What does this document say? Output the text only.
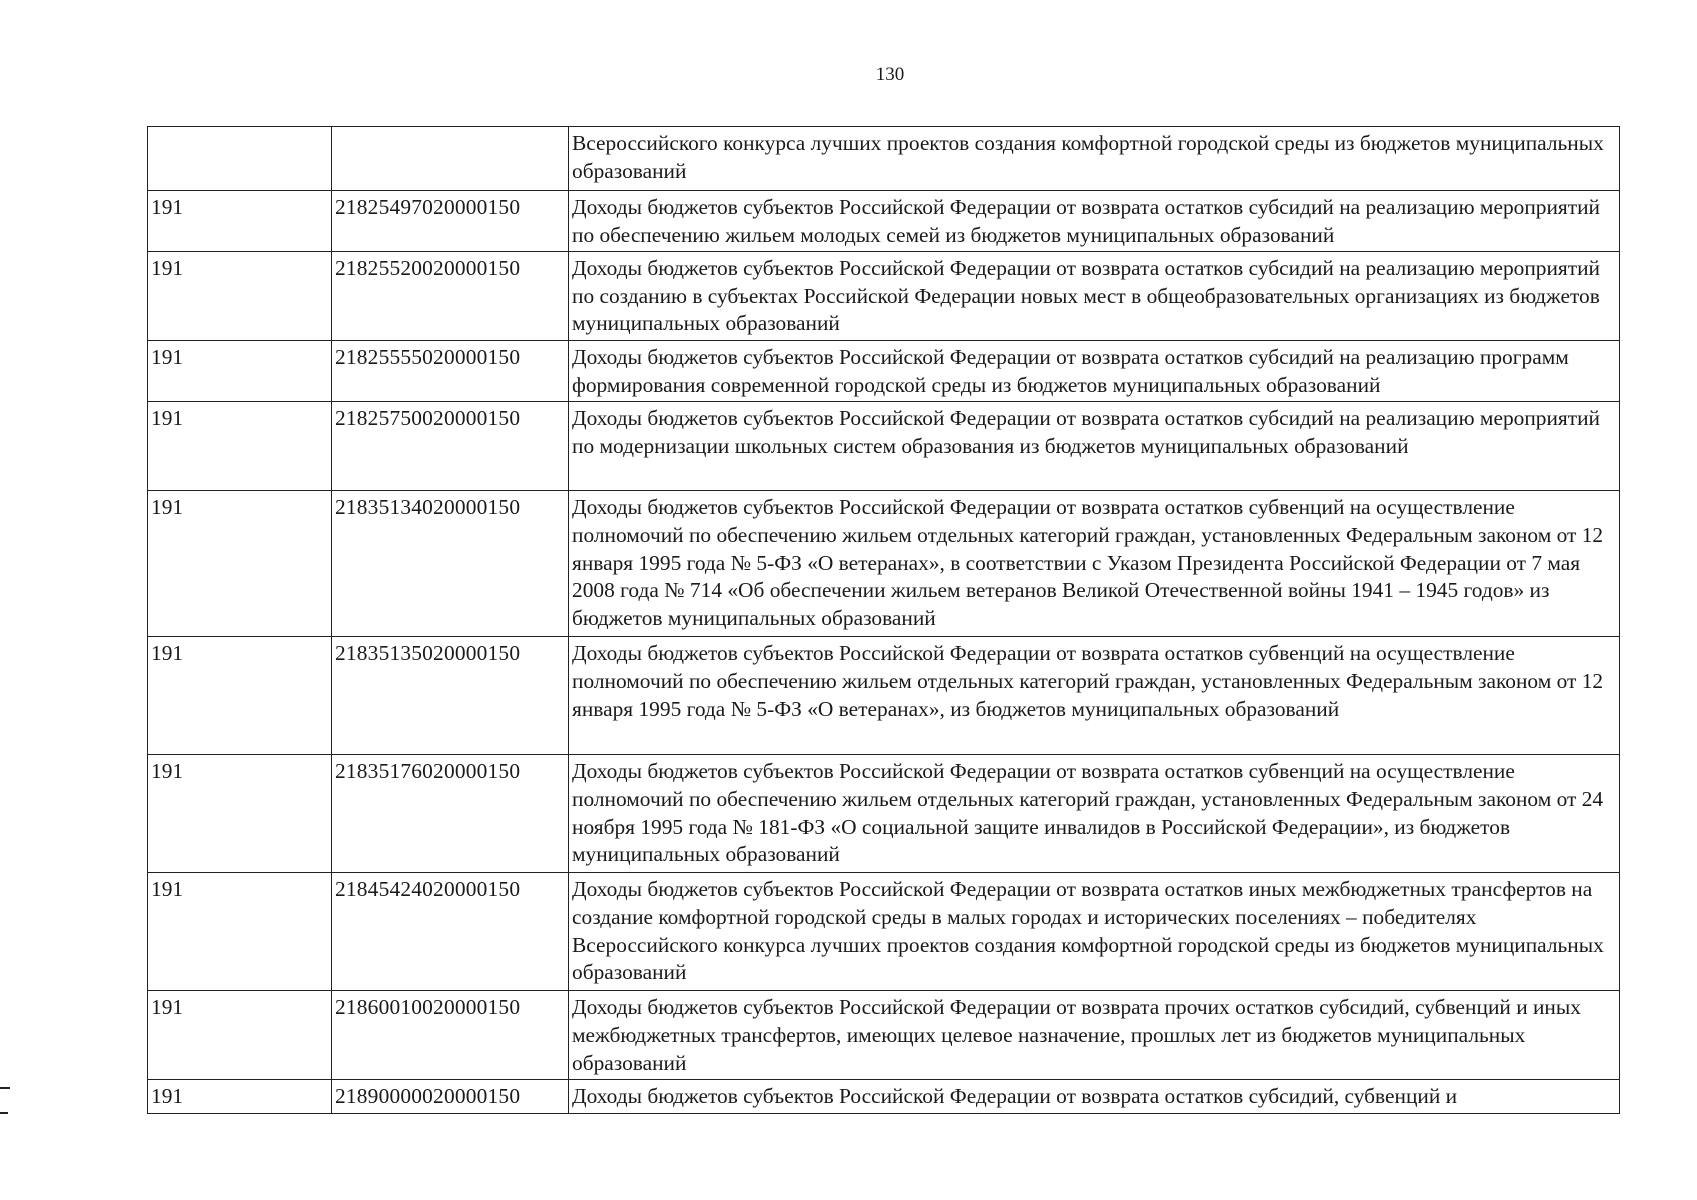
130
		Всероссийского конкурса лучших проектов создания комфортной городской среды из бюджетов муниципальных образований
191	21825497020000150	Доходы бюджетов субъектов Российской Федерации от возврата остатков субсидий на реализацию мероприятий по обеспечению жильем молодых семей из бюджетов муниципальных образований
191	21825520020000150	Доходы бюджетов субъектов Российской Федерации от возврата остатков субсидий на реализацию мероприятий по созданию в субъектах Российской Федерации новых мест в общеобразовательных организациях из бюджетов муниципальных образований
191	21825555020000150	Доходы бюджетов субъектов Российской Федерации от возврата остатков субсидий на реализацию программ формирования современной городской среды из бюджетов муниципальных образований
191	21825750020000150	Доходы бюджетов субъектов Российской Федерации от возврата остатков субсидий на реализацию мероприятий по модернизации школьных систем образования из бюджетов муниципальных образований
191	21835134020000150	Доходы бюджетов субъектов Российской Федерации от возврата остатков субвенций на осуществление полномочий по обеспечению жильем отдельных категорий граждан, установленных Федеральным законом от 12 января 1995 года № 5-ФЗ «О ветеранах», в соответствии с Указом Президента Российской Федерации от 7 мая 2008 года № 714 «Об обеспечении жильем ветеранов Великой Отечественной войны 1941 – 1945 годов» из бюджетов муниципальных образований
191	21835135020000150	Доходы бюджетов субъектов Российской Федерации от возврата остатков субвенций на осуществление полномочий по обеспечению жильем отдельных категорий граждан, установленных Федеральным законом от 12 января 1995 года № 5-ФЗ «О ветеранах», из бюджетов муниципальных образований
191	21835176020000150	Доходы бюджетов субъектов Российской Федерации от возврата остатков субвенций на осуществление полномочий по обеспечению жильем отдельных категорий граждан, установленных Федеральным законом от 24 ноября 1995 года № 181-ФЗ «О социальной защите инвалидов в Российской Федерации», из бюджетов муниципальных образований
191	21845424020000150	Доходы бюджетов субъектов Российской Федерации от возврата остатков иных межбюджетных трансфертов на создание комфортной городской среды в малых городах и исторических поселениях – победителях Всероссийского конкурса лучших проектов создания комфортной городской среды из бюджетов муниципальных образований
191	21860010020000150	Доходы бюджетов субъектов Российской Федерации от возврата прочих остатков субсидий, субвенций и иных межбюджетных трансфертов, имеющих целевое назначение, прошлых лет из бюджетов муниципальных образований
191	21890000020000150	Доходы бюджетов субъектов Российской Федерации от возврата остатков субсидий, субвенций и
